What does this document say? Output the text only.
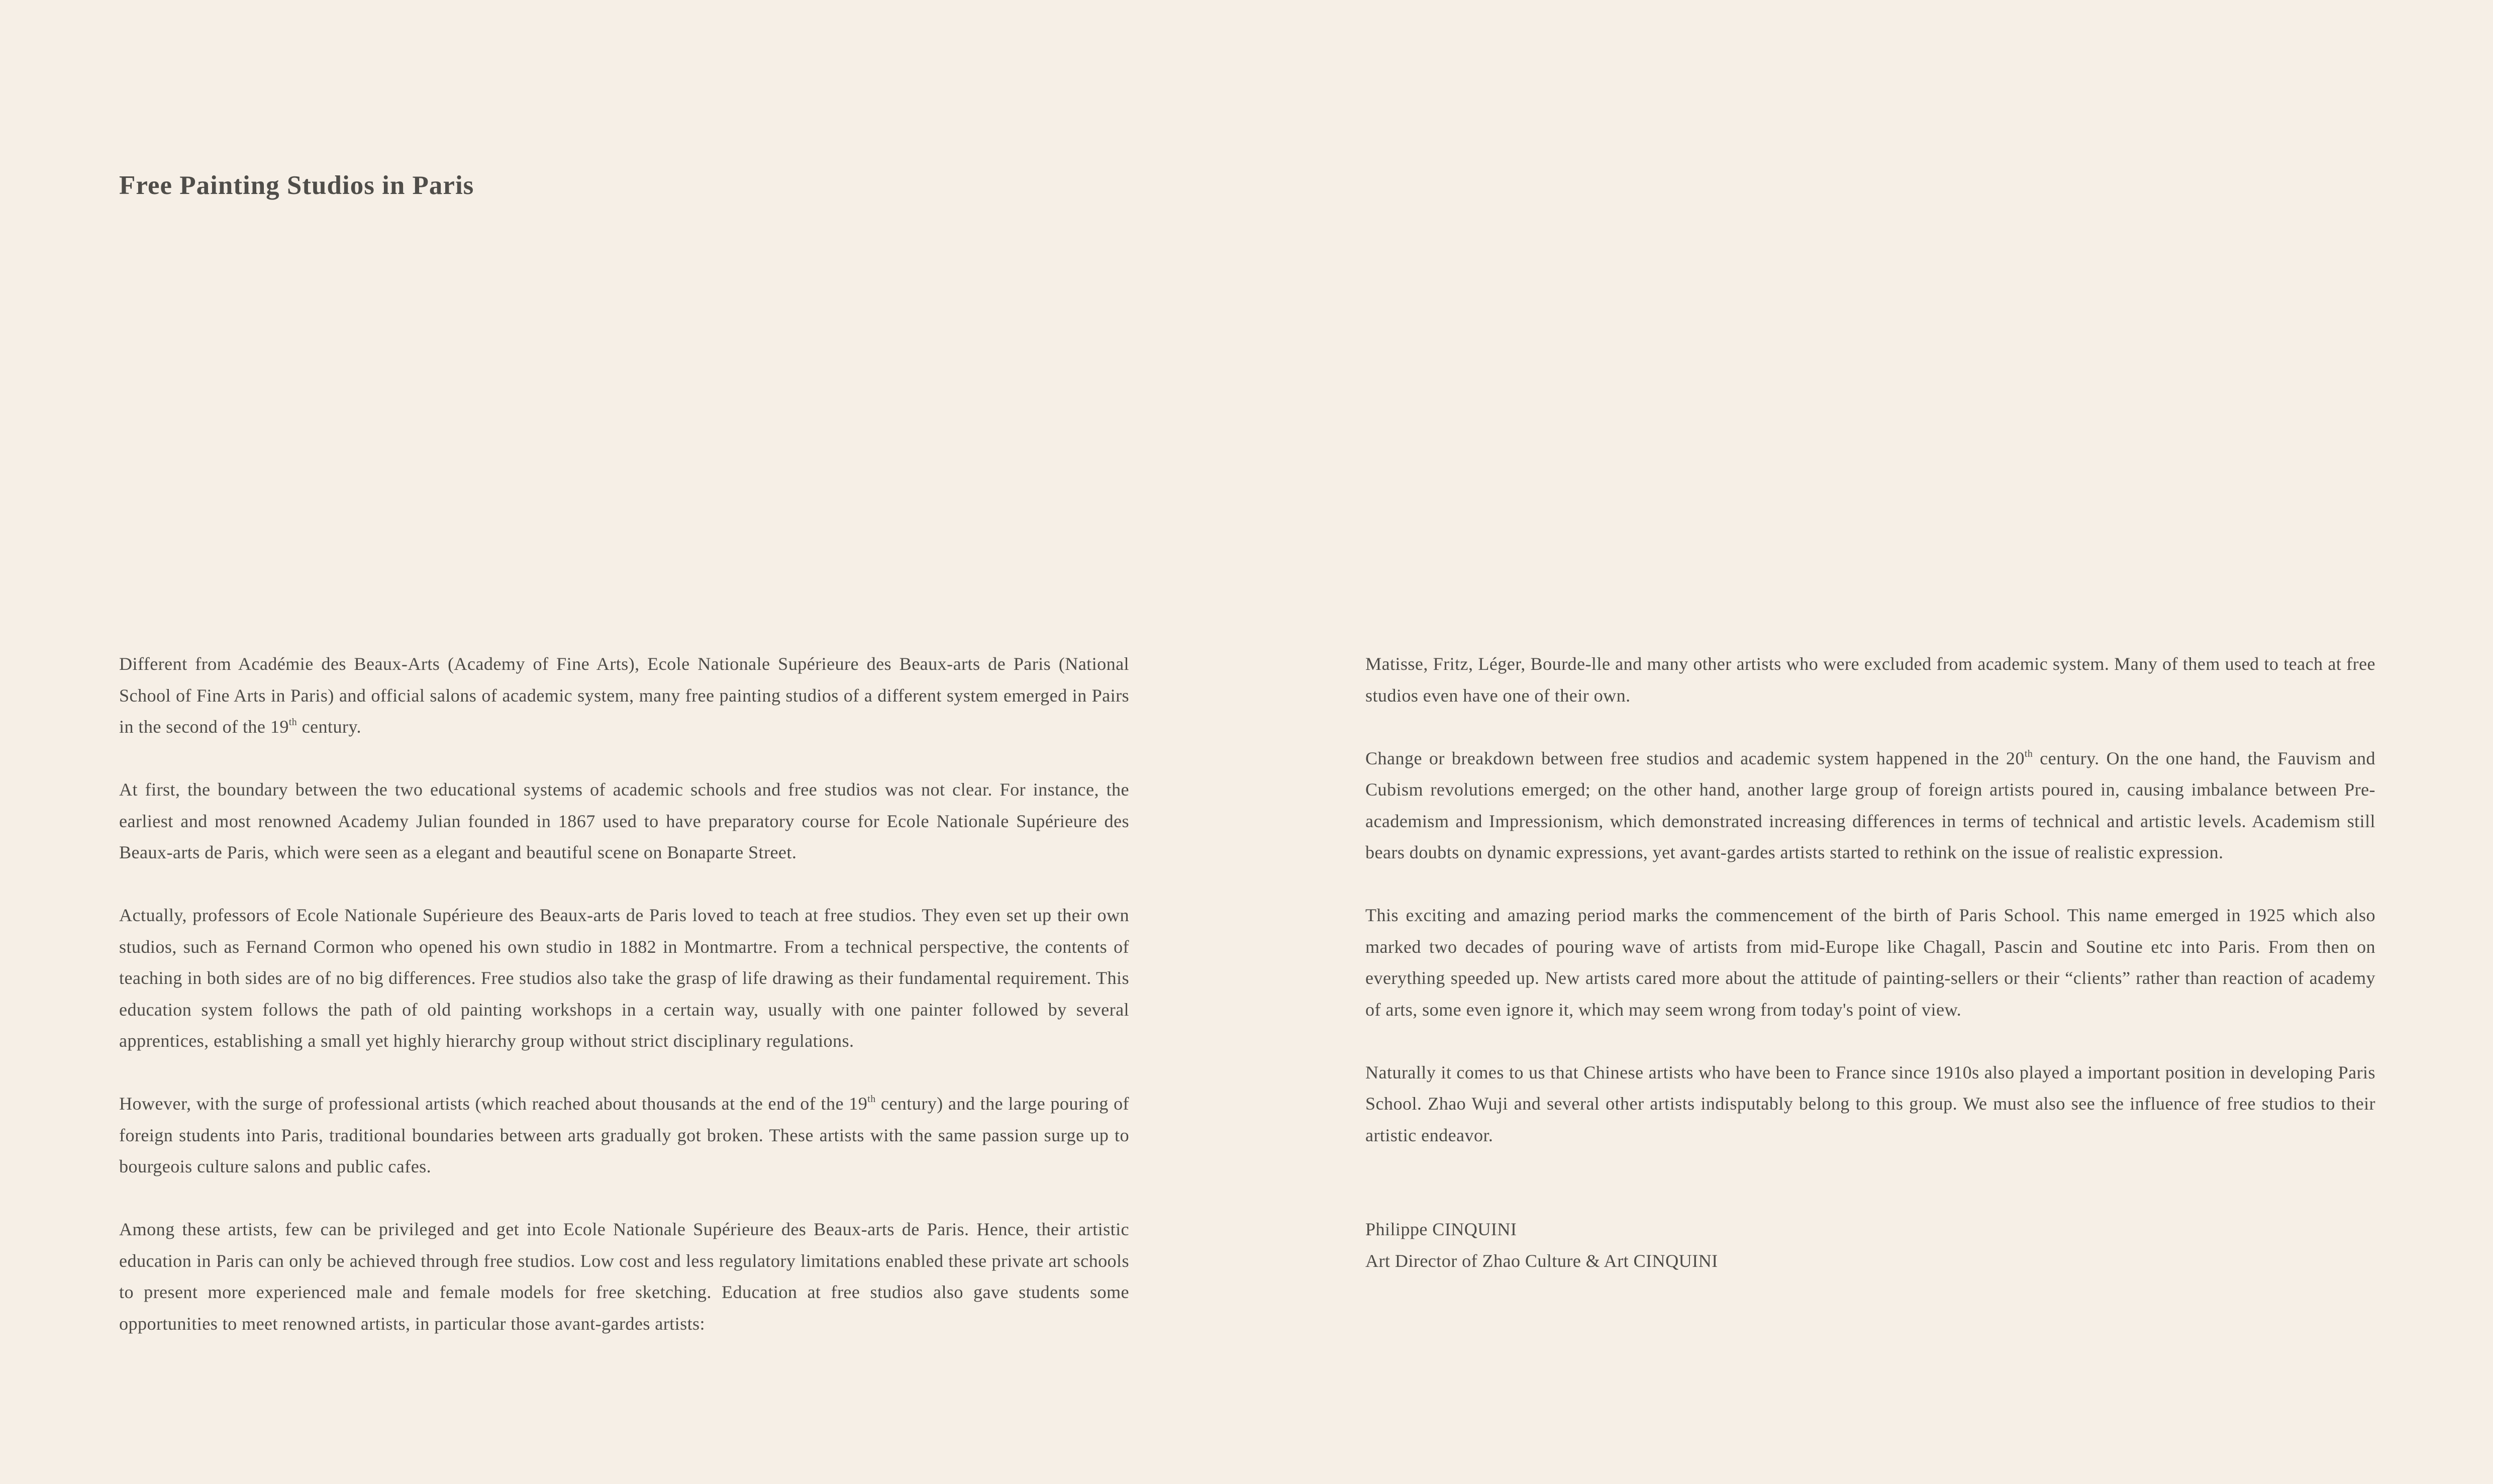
Free Painting Studios in Paris

Different from Académie des Beaux-Arts (Academy of Fine Arts), Ecole Nationale Supérieure des Beaux-arts de Paris (National School of Fine Arts in Paris) and official salons of academic system, many free painting studios of a different system emerged in Pairs in the second of the 19th century.

At first, the boundary between the two educational systems of academic schools and free studios was not clear. For instance, the earliest and most renowned Academy Julian founded in 1867 used to have preparatory course for Ecole Nationale Supérieure des Beaux-arts de Paris, which were seen as a elegant and beautiful scene on Bonaparte Street.

Actually, professors of Ecole Nationale Supérieure des Beaux-arts de Paris loved to teach at free studios. They even set up their own studios, such as Fernand Cormon who opened his own studio in 1882 in Montmartre. From a technical perspective, the contents of teaching in both sides are of no big differences. Free studios also take the grasp of life drawing as their fundamental requirement. This education system follows the path of old painting workshops in a certain way, usually with one painter followed by several apprentices, establishing a small yet highly hierarchy group without strict disciplinary regulations.

However, with the surge of professional artists (which reached about thousands at the end of the 19th century) and the large pouring of foreign students into Paris, traditional boundaries between arts gradually got broken. These artists with the same passion surge up to bourgeois culture salons and public cafes.

Among these artists, few can be privileged and get into Ecole Nationale Supérieure des Beaux-arts de Paris. Hence, their artistic education in Paris can only be achieved through free studios. Low cost and less regulatory limitations enabled these private art schools to present more experienced male and female models for free sketching. Education at free studios also gave students some opportunities to meet renowned artists, in particular those avant-gardes artists:

Matisse, Fritz, Léger, Bourde-lle and many other artists who were excluded from academic system. Many of them used to teach at free studios even have one of their own.

Change or breakdown between free studios and academic system happened in the 20th century. On the one hand, the Fauvism and Cubism revolutions emerged; on the other hand, another large group of foreign artists poured in, causing imbalance between Pre-academism and Impressionism, which demonstrated increasing differences in terms of technical and artistic levels. Academism still bears doubts on dynamic expressions, yet avant-gardes artists started to rethink on the issue of realistic expression.

This exciting and amazing period marks the commencement of the birth of Paris School. This name emerged in 1925 which also marked two decades of pouring wave of artists from mid-Europe like Chagall, Pascin and Soutine etc into Paris. From then on everything speeded up. New artists cared more about the attitude of painting-sellers or their “clients” rather than reaction of academy of arts, some even ignore it, which may seem wrong from today's point of view.

Naturally it comes to us that Chinese artists who have been to France since 1910s also played a important position in developing Paris School. Zhao Wuji and several other artists indisputably belong to this group. We must also see the influence of free studios to their artistic endeavor.

Philippe CINQUINI
Art Director of Zhao Culture & Art CINQUINI
